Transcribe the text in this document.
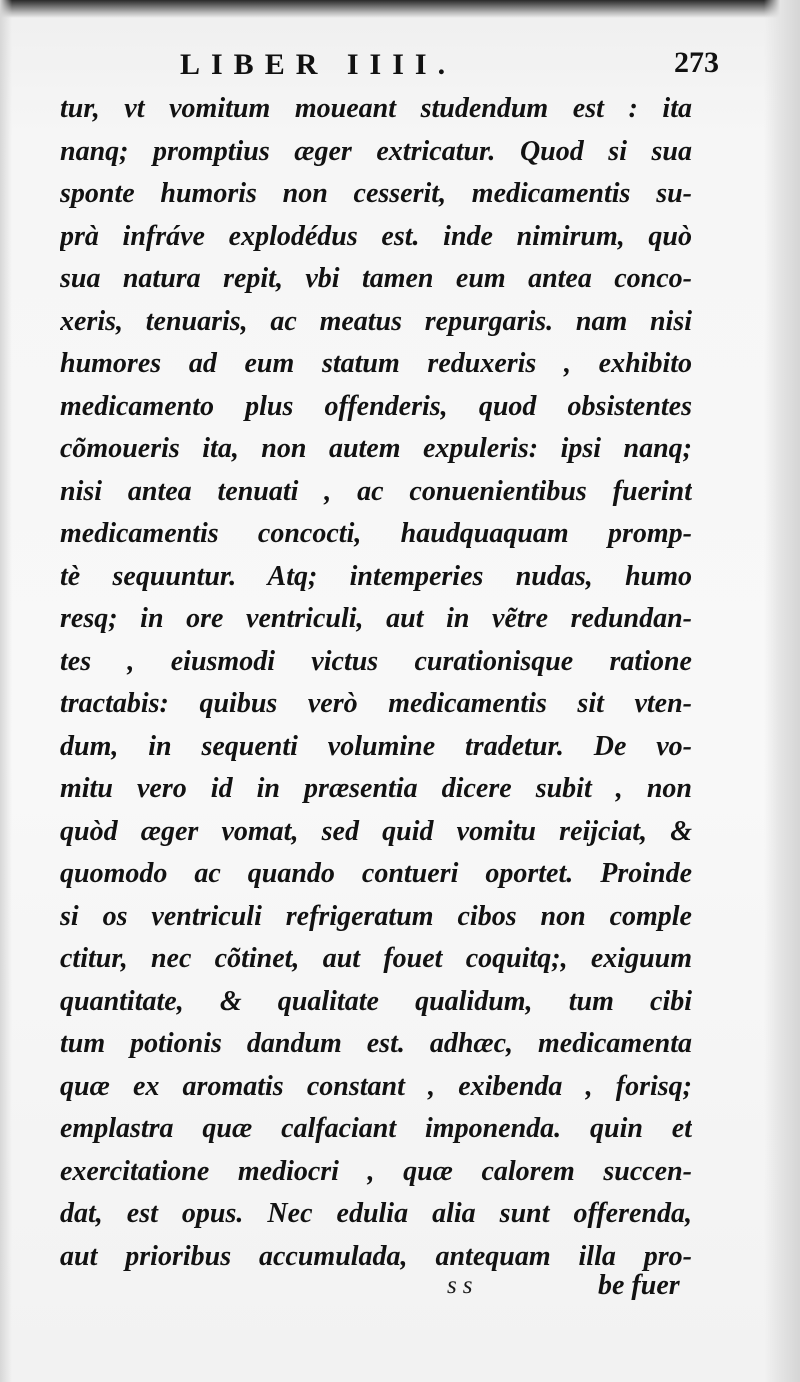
LIBER IIII.	273
tur, vt vomitum moueant studendum est : ita
nanq; promptius æger extricatur. Quod si sua
sponte humoris non cesserit, medicamentis su-
prà infráve explodédus est. inde nimirum, quò
sua natura repit, vbi tamen eum antea conco-
xeris, tenuaris, ac meatus repurgaris. nam nisi
humores ad eum statum reduxeris , exhibito
medicamento plus offenderis, quod obsistentes
cõmoueris ita, non autem expuleris: ipsi nanq;
nisi antea tenuati , ac conuenientibus fuerint
medicamentis concocti, haudquaquam promp-
tè sequuntur. Atq; intemperies nudas, humo
resq; in ore ventriculi, aut in vẽtre redundan-
tes , eiusmodi victus curationisque ratione
tractabis: quibus verò medicamentis sit vten-
dum, in sequenti volumine tradetur. De vo-
mitu vero id in præsentia dicere subit , non
quòd æger vomat, sed quid vomitu reijciat, &
quomodo ac quando contueri oportet. Proinde
si os ventriculi refrigeratum cibos non comple
ctitur, nec cõtinet, aut fouet coquitq;, exiguum
quantitate, & qualitate qualidum, tum cibi
tum potionis dandum est. adhæc, medicamenta
quæ ex aromatis constant , exibenda , forisq;
emplastra quæ calfaciant imponenda. quin et
exercitatione mediocri , quæ calorem succen-
dat, est opus. Nec edulia alia sunt offerenda,
aut prioribus accumulada, antequam illa pro-
ss	be fuer
